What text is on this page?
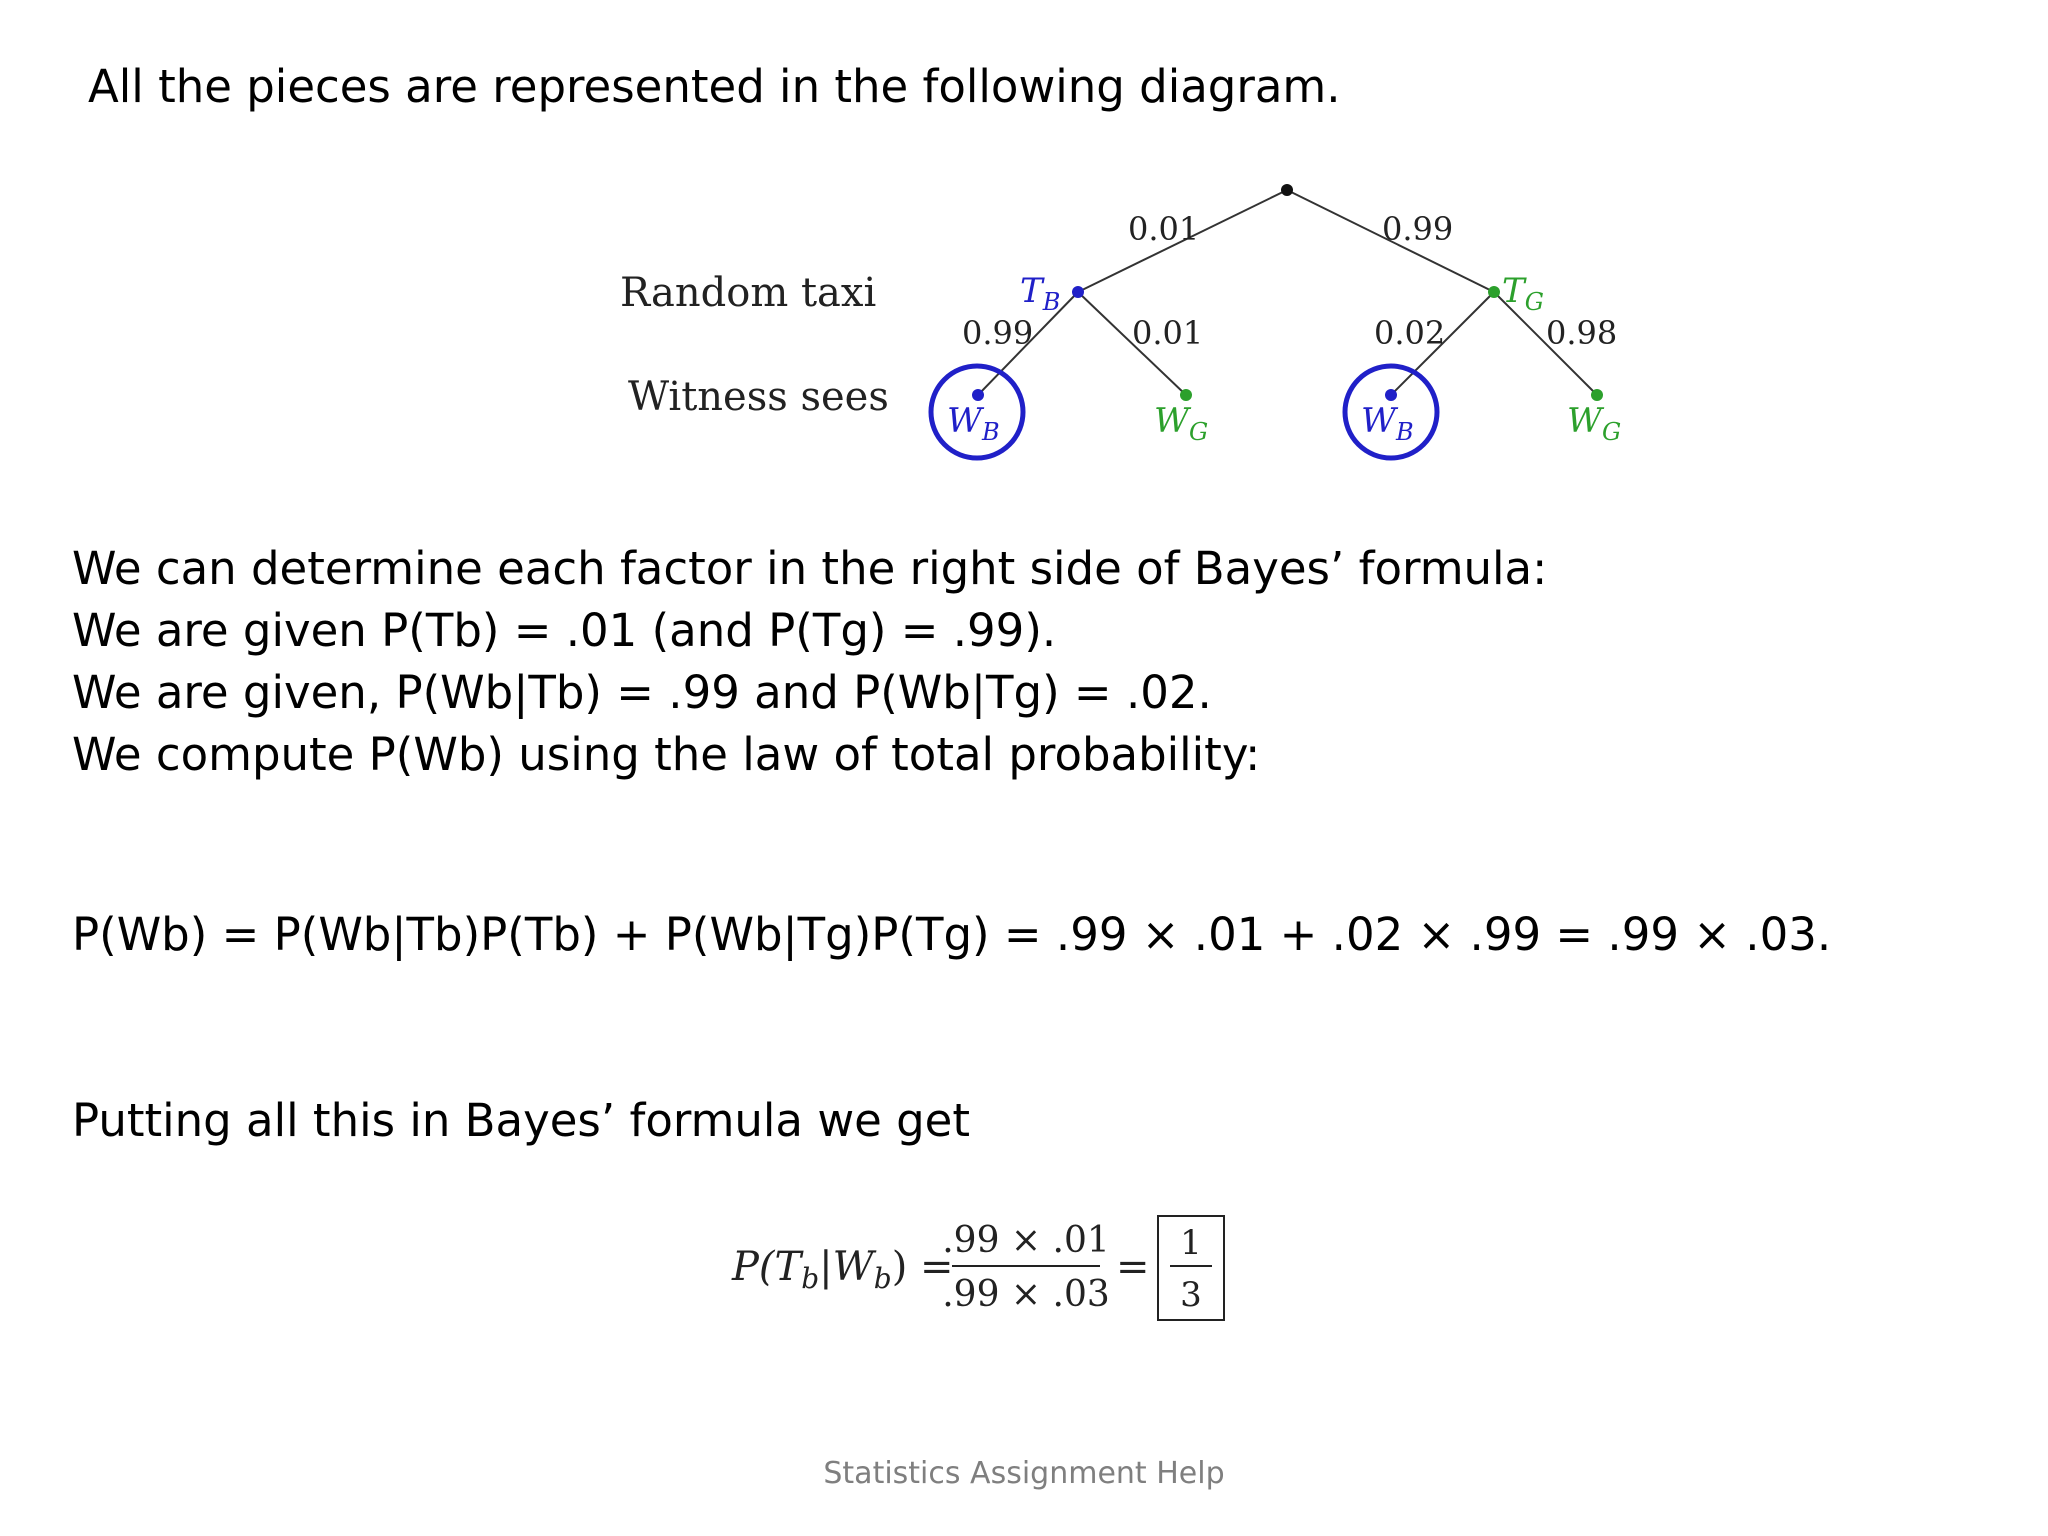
All the pieces are represented in the following diagram.
Random taxi
Witness sees
0.01	0.99
0.99	0.01	0.02	0.98
$T_B$	$T_G$
$W_B$	$W_G$	$W_B$	$W_G$
$P(T_b|W_b)$ =
.99 × .01
.99 × .03
=
1
3
We can determine each factor in the right side of Bayes’ formula:
We are given P(Tb) = .01 (and P(Tg) = .99).
We are given, P(Wb|Tb) = .99 and P(Wb|Tg) = .02.
We compute P(Wb) using the law of total probability:
P(Wb) = P(Wb|Tb)P(Tb) + P(Wb|Tg)P(Tg) = .99 × .01 + .02 × .99 = .99 × .03.
Putting all this in Bayes’ formula we get
Statistics Assignment Help
